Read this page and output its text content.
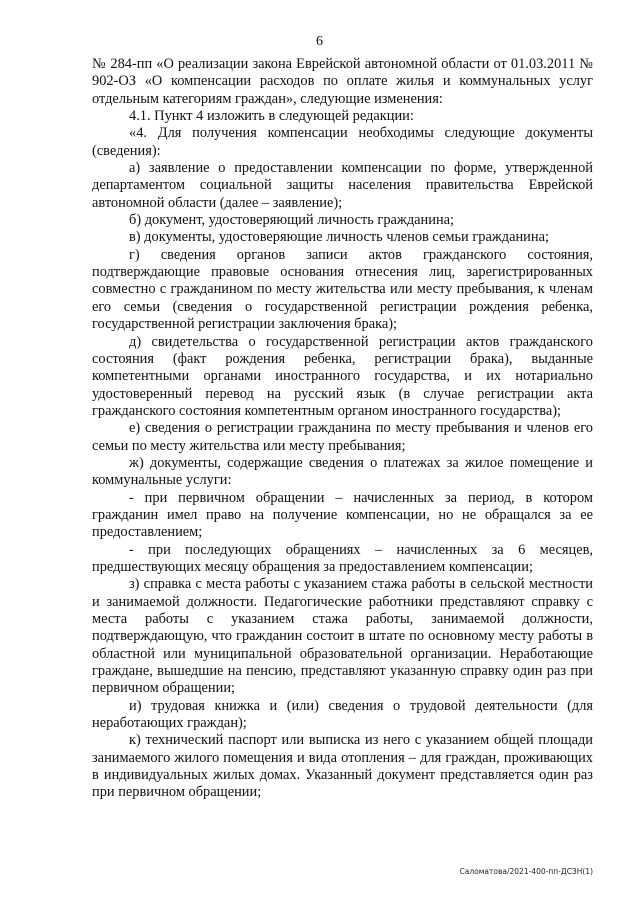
6

№ 284-пп «О реализации закона Еврейской автономной области от 01.03.2011 № 902-ОЗ «О компенсации расходов по оплате жилья и коммунальных услуг отдельным категориям граждан», следующие изменения:

4.1. Пункт 4 изложить в следующей редакции:

«4. Для получения компенсации необходимы следующие документы (сведения):

а) заявление о предоставлении компенсации по форме, утвержденной департаментом социальной защиты населения правительства Еврейской автономной области (далее – заявление);

б) документ, удостоверяющий личность гражданина;

в) документы, удостоверяющие личность членов семьи гражданина;

г) сведения органов записи актов гражданского состояния, подтверждающие правовые основания отнесения лиц, зарегистрированных совместно с гражданином по месту жительства или месту пребывания, к членам его семьи (сведения о государственной регистрации рождения ребенка, государственной регистрации заключения брака);

д) свидетельства о государственной регистрации актов гражданского состояния (факт рождения ребенка, регистрации брака), выданные компетентными органами иностранного государства, и их нотариально удостоверенный перевод на русский язык (в случае регистрации акта гражданского состояния компетентным органом иностранного государства);

е) сведения о регистрации гражданина по месту пребывания и членов его семьи по месту жительства или месту пребывания;

ж) документы, содержащие сведения о платежах за жилое помещение и коммунальные услуги:

- при первичном обращении – начисленных за период, в котором гражданин имел право на получение компенсации, но не обращался за ее предоставлением;

- при последующих обращениях – начисленных за 6 месяцев, предшествующих месяцу обращения за предоставлением компенсации;

з) справка с места работы с указанием стажа работы в сельской местности и занимаемой должности. Педагогические работники представляют справку с места работы с указанием стажа работы, занимаемой должности, подтверждающую, что гражданин состоит в штате по основному месту работы в областной или муниципальной образовательной организации. Неработающие граждане, вышедшие на пенсию, представляют указанную справку один раз при первичном обращении;

и) трудовая книжка и (или) сведения о трудовой деятельности (для неработающих граждан);

к) технический паспорт или выписка из него с указанием общей площади занимаемого жилого помещения и вида отопления – для граждан, проживающих в индивидуальных жилых домах. Указанный документ представляется один раз при первичном обращении;

Саломатова/2021-400-пп-ДСЗН(1)
